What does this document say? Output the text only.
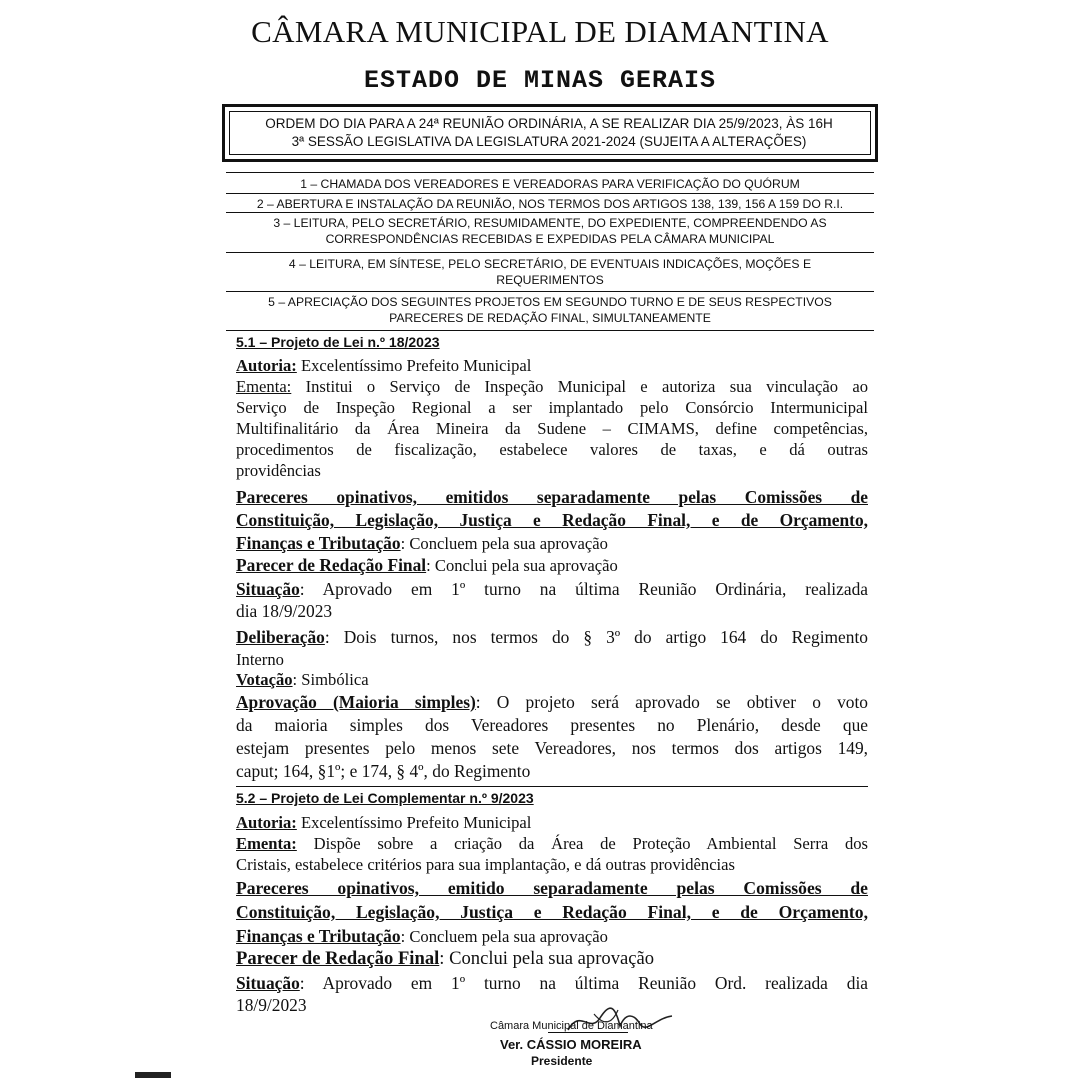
CÂMARA MUNICIPAL DE DIAMANTINA
ESTADO DE MINAS GERAIS
ORDEM DO DIA PARA A 24ª REUNIÃO ORDINÁRIA, A SE REALIZAR DIA 25/9/2023, ÀS 16H
3ª SESSÃO LEGISLATIVA DA LEGISLATURA 2021-2024 (SUJEITA A ALTERAÇÕES)
1 – CHAMADA DOS VEREADORES E VEREADORAS PARA VERIFICAÇÃO DO QUÓRUM
2 – ABERTURA E INSTALAÇÃO DA REUNIÃO, NOS TERMOS DOS ARTIGOS 138, 139, 156 A 159 DO R.I.
3 – LEITURA, PELO SECRETÁRIO, RESUMIDAMENTE, DO EXPEDIENTE, COMPREENDENDO AS
CORRESPONDÊNCIAS RECEBIDAS E EXPEDIDAS PELA CÂMARA MUNICIPAL
4 – LEITURA, EM SÍNTESE, PELO SECRETÁRIO, DE EVENTUAIS INDICAÇÕES, MOÇÕES E
REQUERIMENTOS
5 – APRECIAÇÃO DOS SEGUINTES PROJETOS EM SEGUNDO TURNO E DE SEUS RESPECTIVOS
PARECERES DE REDAÇÃO FINAL, SIMULTANEAMENTE
5.1 – Projeto de Lei n.º 18/2023
Autoria: Excelentíssimo Prefeito Municipal
Ementa: Institui o Serviço de Inspeção Municipal e autoriza sua vinculação ao
Serviço de Inspeção Regional a ser implantado pelo Consórcio Intermunicipal
Multifinalitário da Área Mineira da Sudene – CIMAMS, define competências,
procedimentos de fiscalização, estabelece valores de taxas, e dá outras
providências
Pareceres opinativos, emitidos separadamente pelas Comissões de
Constituição, Legislação, Justiça e Redação Final, e de Orçamento,
Finanças e Tributação: Concluem pela sua aprovação
Parecer de Redação Final: Conclui pela sua aprovação
Situação: Aprovado em 1º turno na última Reunião Ordinária, realizada
dia 18/9/2023
Deliberação: Dois turnos, nos termos do § 3º do artigo 164 do Regimento
Interno
Votação: Simbólica
Aprovação (Maioria simples): O projeto será aprovado se obtiver o voto
da maioria simples dos Vereadores presentes no Plenário, desde que
estejam presentes pelo menos sete Vereadores, nos termos dos artigos 149,
caput; 164, §1º; e 174, § 4º, do Regimento
5.2 – Projeto de Lei Complementar n.º 9/2023
Autoria: Excelentíssimo Prefeito Municipal
Ementa: Dispõe sobre a criação da Área de Proteção Ambiental Serra dos
Cristais, estabelece critérios para sua implantação, e dá outras providências
Pareceres opinativos, emitido separadamente pelas Comissões de
Constituição, Legislação, Justiça e Redação Final, e de Orçamento,
Finanças e Tributação: Concluem pela sua aprovação
Parecer de Redação Final: Conclui pela sua aprovação
Situação: Aprovado em 1º turno na última Reunião Ord. realizada dia
18/9/2023
Câmara Municipal de Diamantina
Ver. CÁSSIO MOREIRA
Presidente
